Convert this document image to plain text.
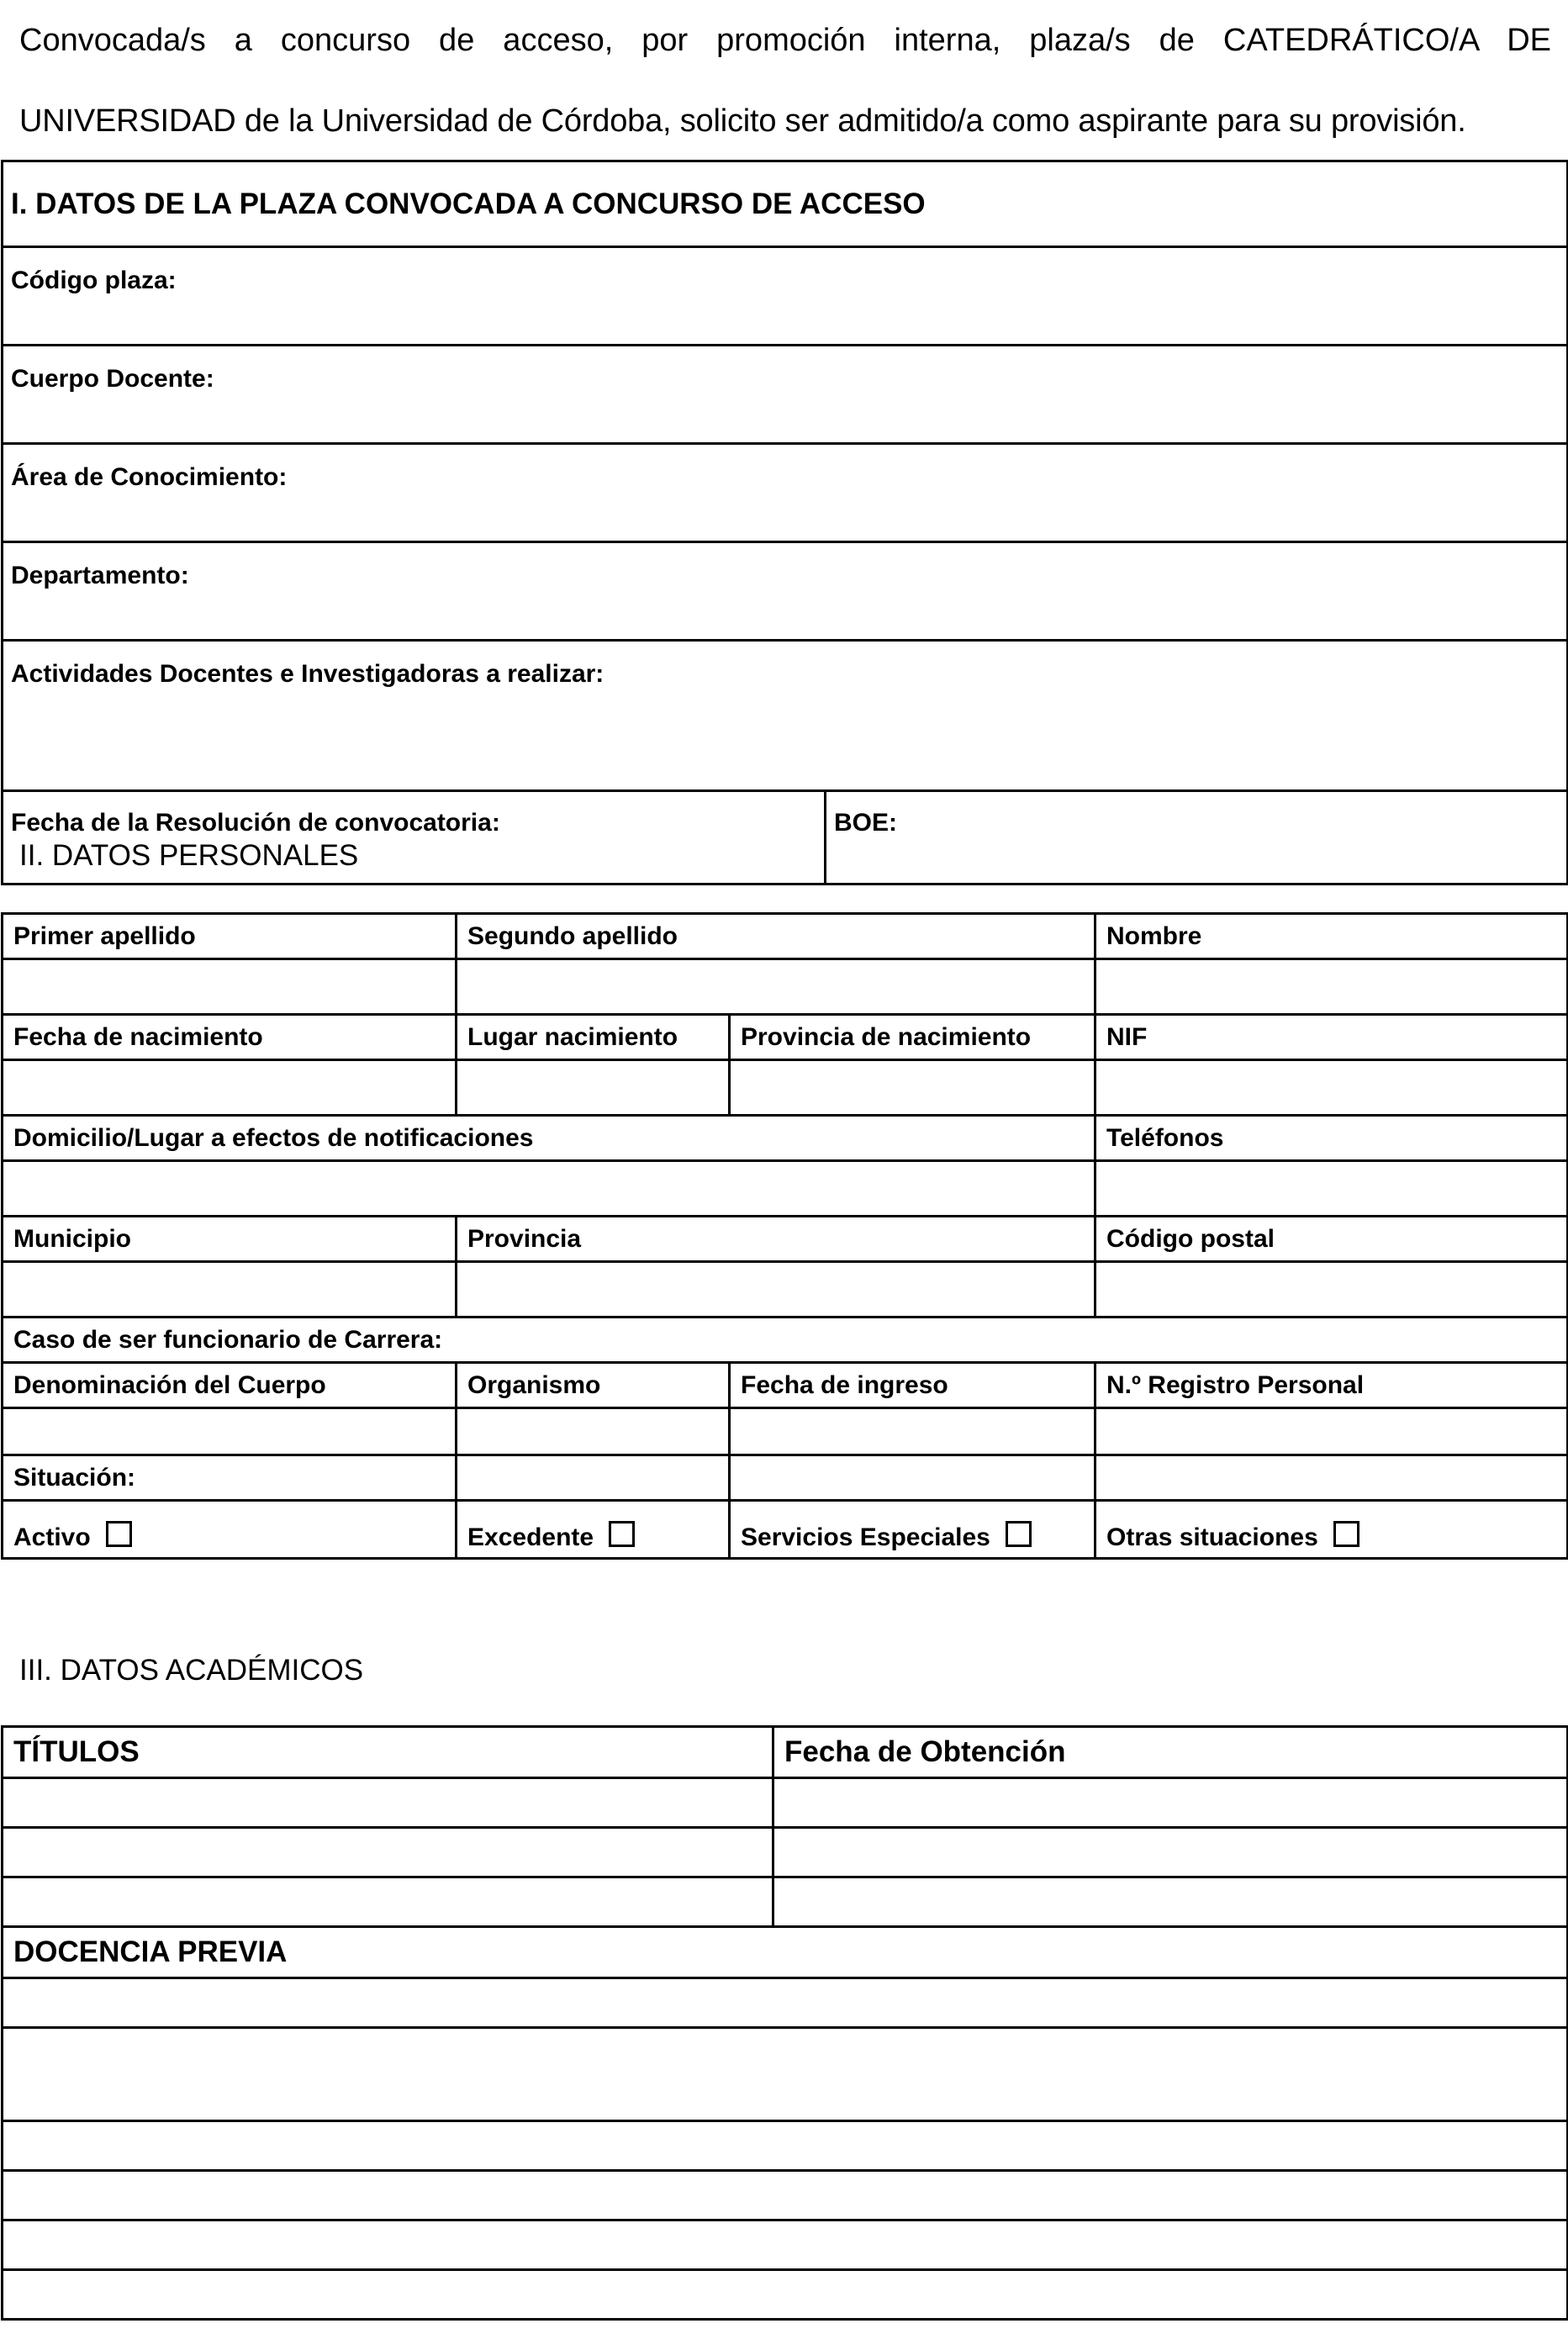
Convocada/s a concurso de acceso, por promoción interna, plaza/s de CATEDRÁTICO/A DE
UNIVERSIDAD de la Universidad de Córdoba, solicito ser admitido/a como aspirante para su provisión.
I. DATOS DE LA PLAZA CONVOCADA A CONCURSO DE ACCESO
Código plaza:
Cuerpo Docente:
Área de Conocimiento:
Departamento:
Actividades Docentes e Investigadoras a realizar:
Fecha de la Resolución de convocatoria:	BOE:
II. DATOS PERSONALES
Primer apellido	Segundo apellido		Nombre

Fecha de nacimiento	Lugar nacimiento	Provincia de nacimiento	NIF

Domicilio/Lugar a efectos de notificaciones			Teléfonos

Municipio	Provincia		Código postal

Caso de ser funcionario de Carrera:			
Denominación del Cuerpo	Organismo	Fecha de ingreso	N.º Registro Personal

Situación:			
Activo	Excedente	Servicios Especiales	Otras situaciones
III. DATOS ACADÉMICOS
TÍTULOS	Fecha de Obtención

DOCENCIA PREVIA	
